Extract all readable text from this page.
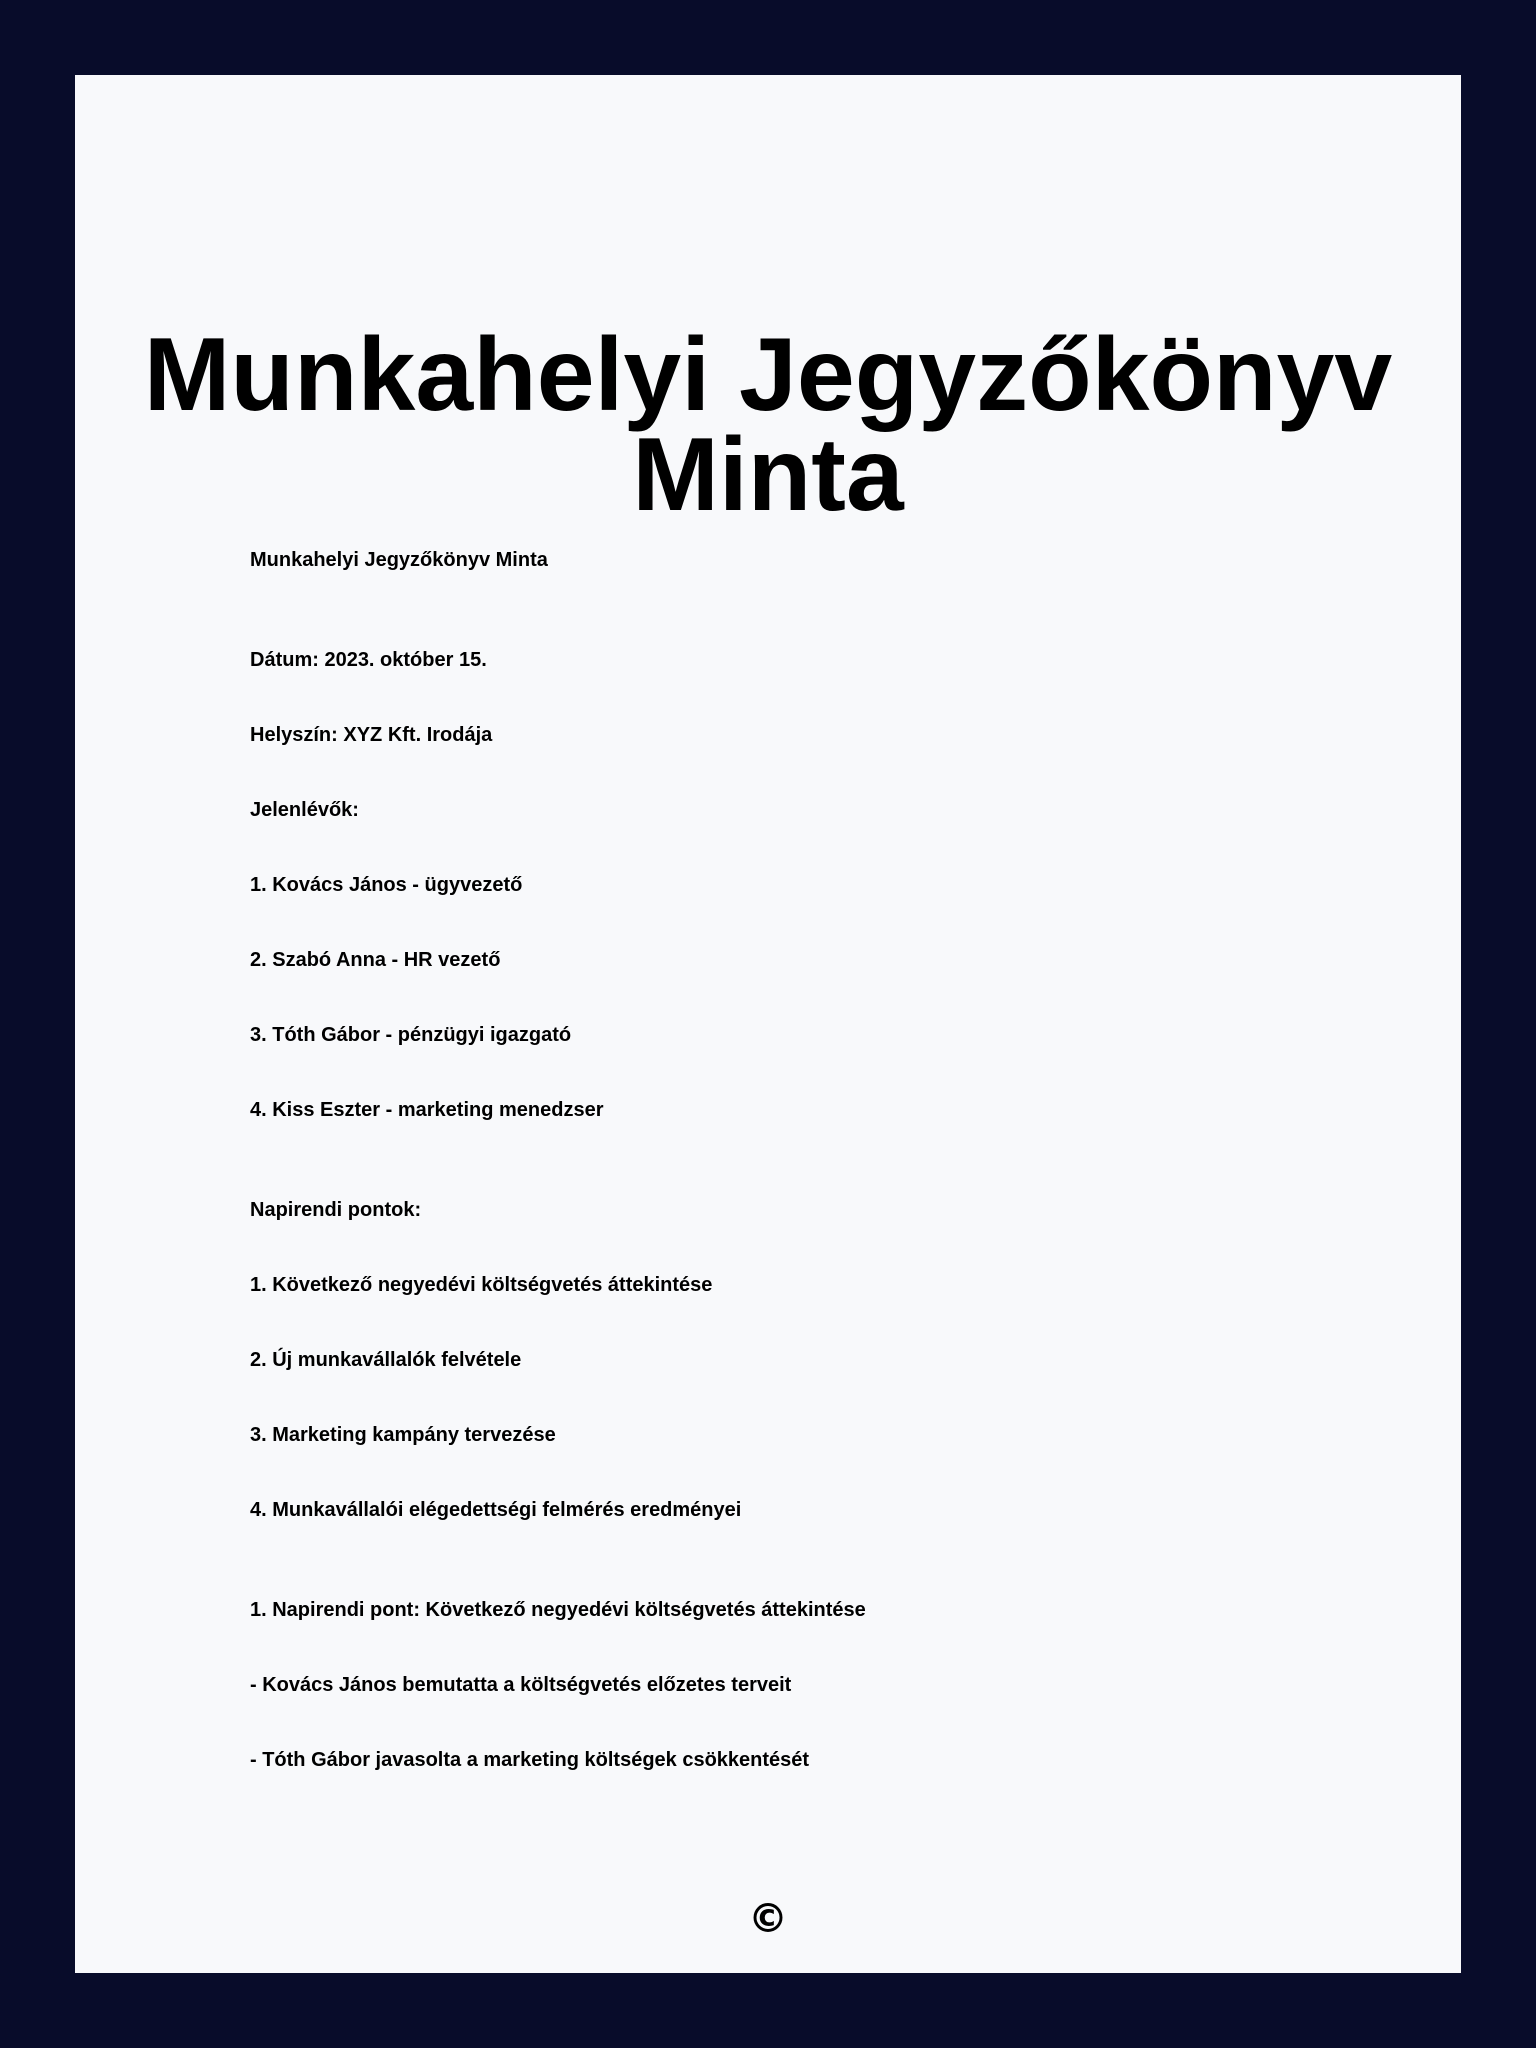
Munkahelyi Jegyzőkönyv Minta
Munkahelyi Jegyzőkönyv Minta
Dátum: 2023. október 15.
Helyszín: XYZ Kft. Irodája
Jelenlévők:
1. Kovács János - ügyvezető
2. Szabó Anna - HR vezető
3. Tóth Gábor - pénzügyi igazgató
4. Kiss Eszter - marketing menedzser
Napirendi pontok:
1. Következő negyedévi költségvetés áttekintése
2. Új munkavállalók felvétele
3. Marketing kampány tervezése
4. Munkavállalói elégedettségi felmérés eredményei
1. Napirendi pont: Következő negyedévi költségvetés áttekintése
- Kovács János bemutatta a költségvetés előzetes terveit
- Tóth Gábor javasolta a marketing költségek csökkentését
©
